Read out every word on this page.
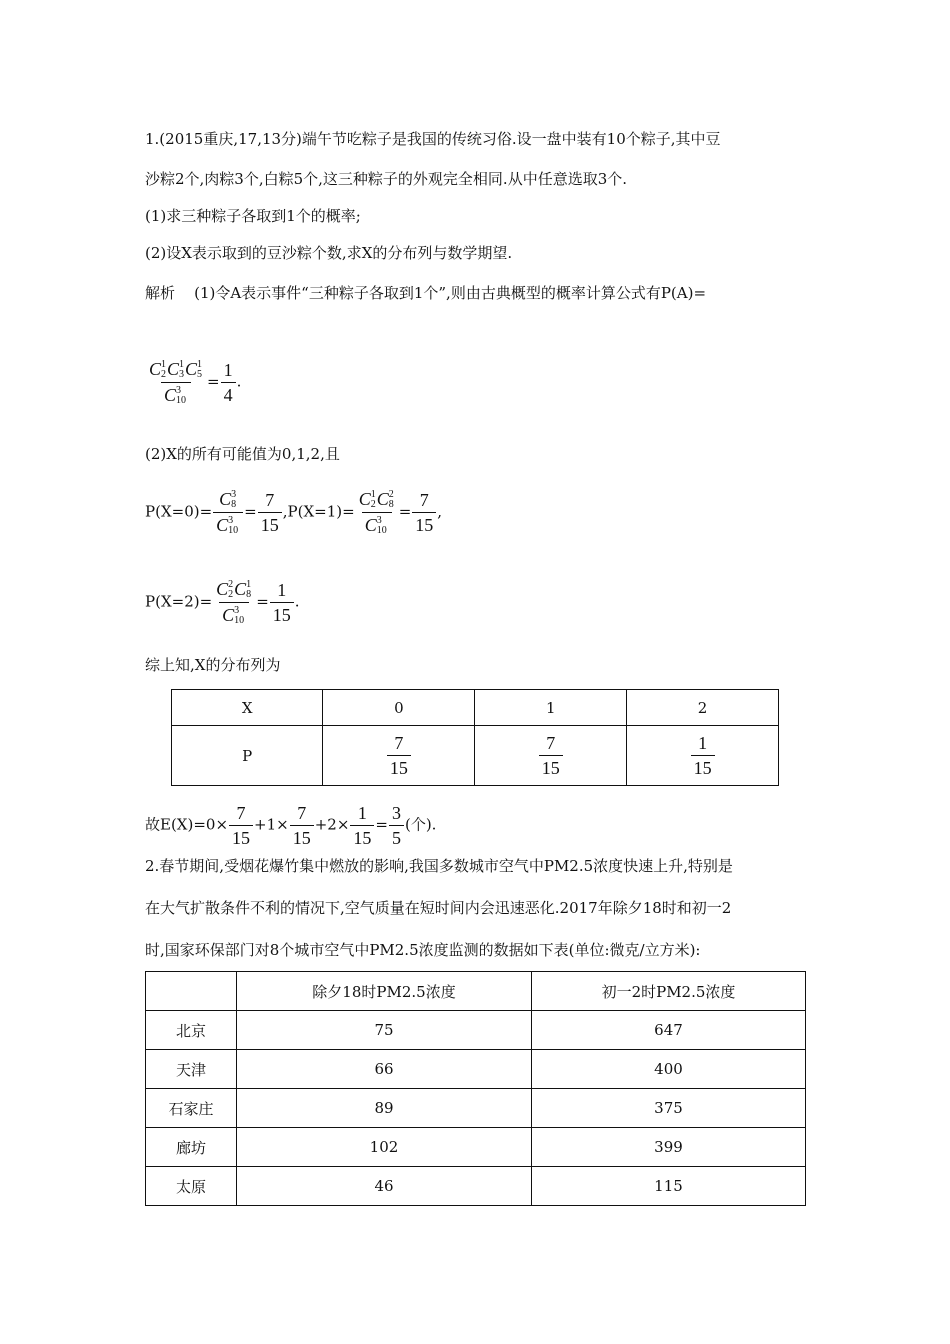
1.(2015重庆,17,13分)端午节吃粽子是我国的传统习俗.设一盘中装有10个粽子,其中豆
沙粽2个,肉粽3个,白粽5个,这三种粽子的外观完全相同.从中任意选取3个.
(1)求三种粽子各取到1个的概率;
(2)设X表示取到的豆沙粽个数,求X的分布列与数学期望.
解析 (1)令A表示事件“三种粽子各取到1个”,则由古典概型的概率计算公式有P(A)=
C 1
2 C 1
3 C 1
5
C 3
$10 = \frac{1}{4}$ .
(2)X的所有可能值为0,1,2,且
P(X=0)= C 3
8
C 3
$10 = \frac{7}{15} ,P(X=1)= C$ 1
2 C 2
8
C 3
$10 = \frac{7}{15}$ ,
P(X=2)= C 2
2 C 1
8
C 3
$10 = \frac{1}{15}$ .
综上知,X的分布列为
X	0	1	2
P	$\frac{7}{15}$	$\frac{7}{15}$	$\frac{1}{15}$
故$E(X)=0\times \frac{7}{15} +1\times \frac{7}{15} +2\times \frac{1}{15} = \frac{3}{5}$ (个).
2.春节期间,受烟花爆竹集中燃放的影响,我国多数城市空气中PM2.5浓度快速上升,特别是
在大气扩散条件不利的情况下,空气质量在短时间内会迅速恶化.2017年除夕18时和初一2
时,国家环保部门对8个城市空气中PM2.5浓度监测的数据如下表(单位:微克/立方米):
	除夕18时PM2.5浓度	初一2时PM2.5浓度
北京	75	647
天津	66	400
石家庄	89	375
廊坊	102	399
太原	46	115
